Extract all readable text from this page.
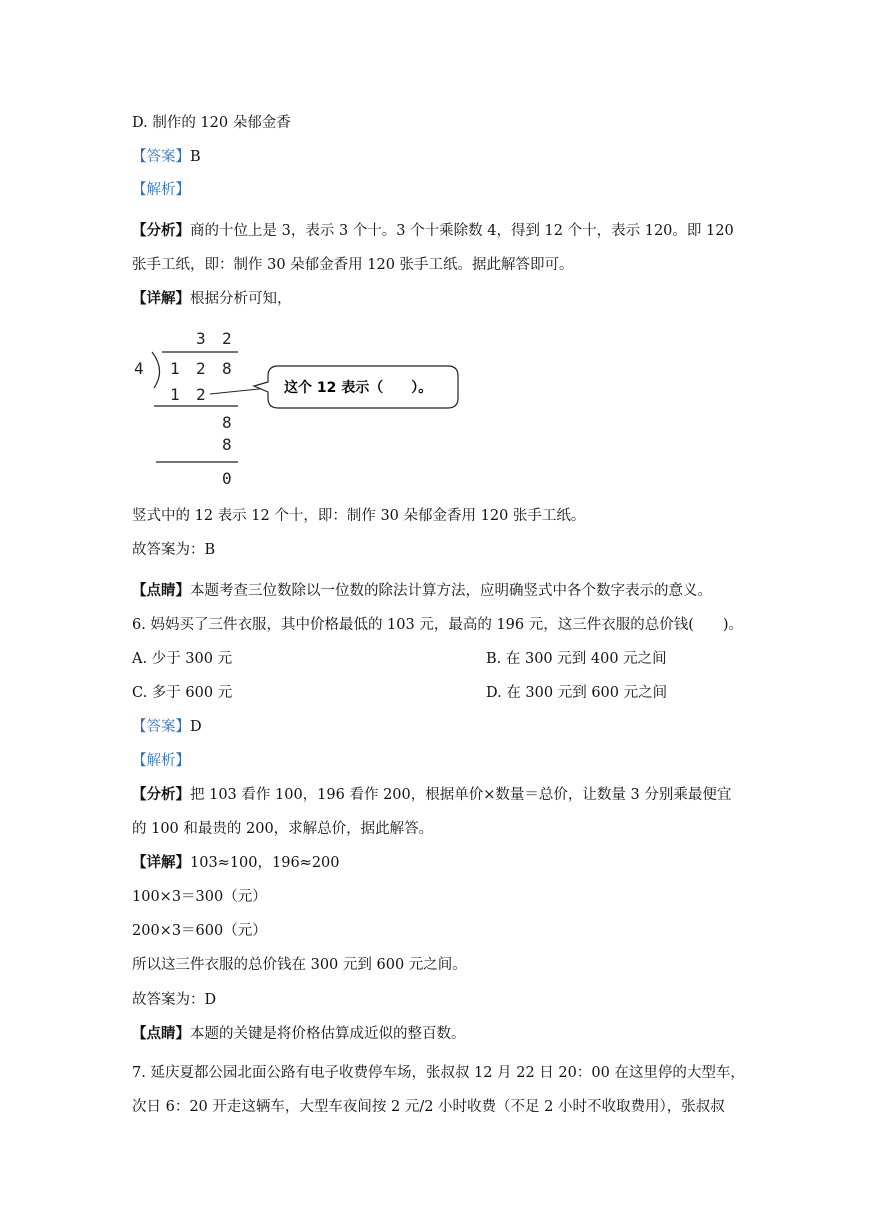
D. 制作的 120 朵郁金香
【答案】B
【解析】
【分析】商的十位上是 3，表示 3 个十。3 个十乘除数 4，得到 12 个十，表示 120。即 120
张手工纸，即：制作 30 朵郁金香用 120 张手工纸。据此解答即可。
【详解】根据分析可知，
3 2
4 1 2 8
1 2
8
8
0
这个 12 表示（　　）。
竖式中的 12 表示 12 个十，即：制作 30 朵郁金香用 120 张手工纸。
故答案为：B
【点睛】本题考查三位数除以一位数的除法计算方法，应明确竖式中各个数字表示的意义。
6. 妈妈买了三件衣服，其中价格最低的 103 元，最高的 196 元，这三件衣服的总价钱(　　)。
A. 少于 300 元	B. 在 300 元到 400 元之间
C. 多于 600 元	D. 在 300 元到 600 元之间
【答案】D
【解析】
【分析】把 103 看作 100，196 看作 200，根据单价×数量＝总价，让数量 3 分别乘最便宜
的 100 和最贵的 200，求解总价，据此解答。
【详解】103≈100，196≈200
100×3＝300（元）
200×3＝600（元）
所以这三件衣服的总价钱在 300 元到 600 元之间。
故答案为：D
【点睛】本题的关键是将价格估算成近似的整百数。
7. 延庆夏都公园北面公路有电子收费停车场，张叔叔 12 月 22 日 20：00 在这里停的大型车，
次日 6：20 开走这辆车，大型车夜间按 2 元/2 小时收费（不足 2 小时不收取费用），张叔叔
